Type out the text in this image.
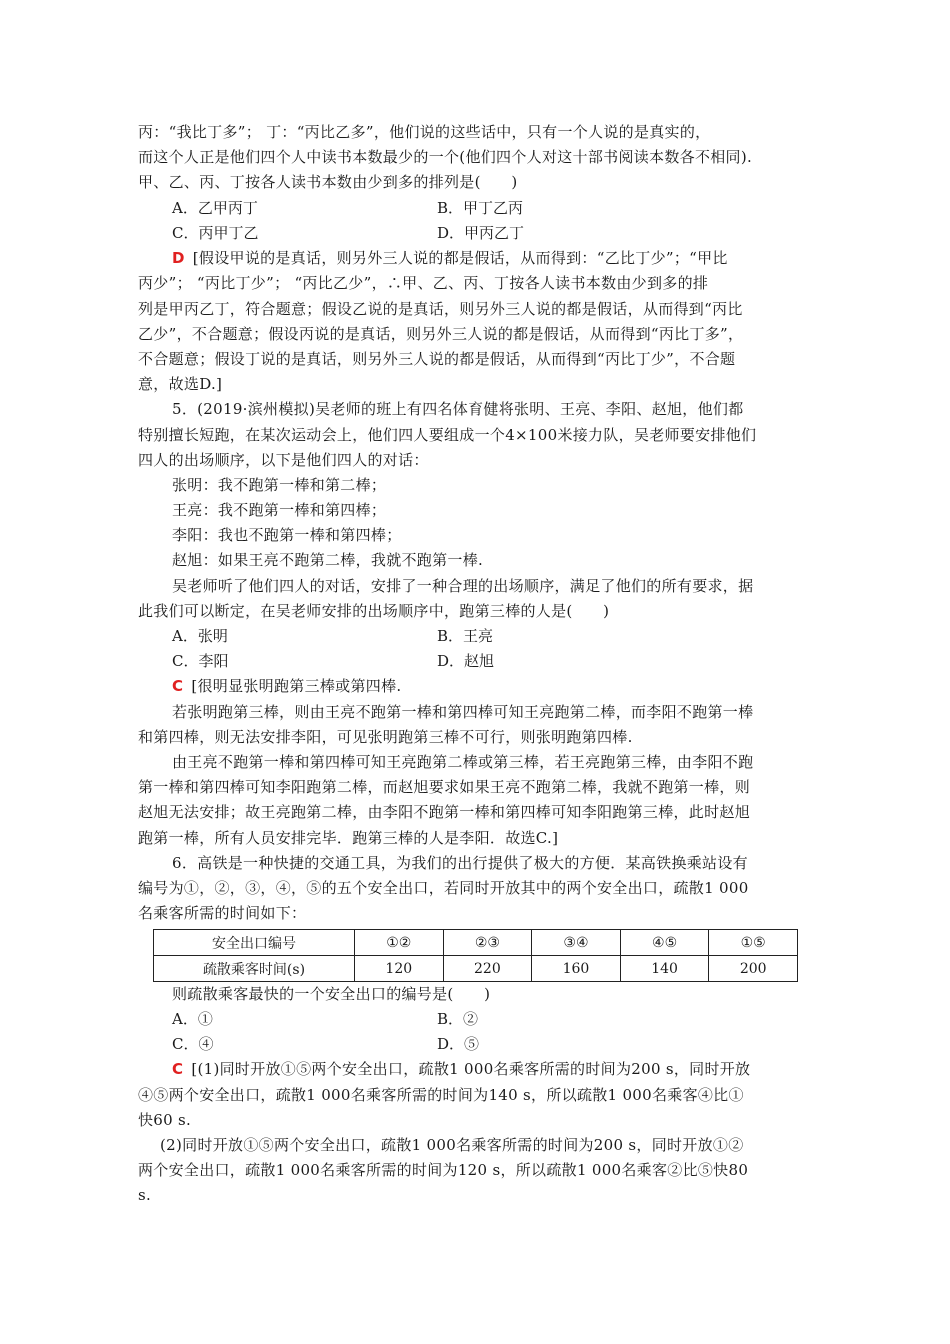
丙：“我比丁多”； 丁：“丙比乙多”，他们说的这些话中，只有一个人说的是真实的，
而这个人正是他们四个人中读书本数最少的一个(他们四个人对这十部书阅读本数各不相同).
甲、乙、丙、丁按各人读书本数由少到多的排列是(　　)
A．乙甲丙丁	B．甲丁乙丙
C．丙甲丁乙	D．甲丙乙丁
D [假设甲说的是真话，则另外三人说的都是假话，从而得到：“乙比丁少”；“甲比
丙少”； “丙比丁少”； “丙比乙少”，∴甲、乙、丙、丁按各人读书本数由少到多的排
列是甲丙乙丁，符合题意；假设乙说的是真话，则另外三人说的都是假话，从而得到“丙比
乙少”，不合题意；假设丙说的是真话，则另外三人说的都是假话，从而得到“丙比丁多”，
不合题意；假设丁说的是真话，则另外三人说的都是假话，从而得到“丙比丁少”，不合题
意，故选D.]
5．(2019·滨州模拟)吴老师的班上有四名体育健将张明、王亮、李阳、赵旭，他们都
特别擅长短跑，在某次运动会上，他们四人要组成一个4×100米接力队，吴老师要安排他们
四人的出场顺序，以下是他们四人的对话：
张明：我不跑第一棒和第二棒；
王亮：我不跑第一棒和第四棒；
李阳：我也不跑第一棒和第四棒；
赵旭：如果王亮不跑第二棒，我就不跑第一棒.
吴老师听了他们四人的对话，安排了一种合理的出场顺序，满足了他们的所有要求，据
此我们可以断定，在吴老师安排的出场顺序中，跑第三棒的人是(　　)
A．张明	B．王亮
C．李阳	D．赵旭
C [很明显张明跑第三棒或第四棒.
若张明跑第三棒，则由王亮不跑第一棒和第四棒可知王亮跑第二棒，而李阳不跑第一棒
和第四棒，则无法安排李阳，可见张明跑第三棒不可行，则张明跑第四棒.
由王亮不跑第一棒和第四棒可知王亮跑第二棒或第三棒，若王亮跑第三棒，由李阳不跑
第一棒和第四棒可知李阳跑第二棒，而赵旭要求如果王亮不跑第二棒，我就不跑第一棒，则
赵旭无法安排；故王亮跑第二棒，由李阳不跑第一棒和第四棒可知李阳跑第三棒，此时赵旭
跑第一棒，所有人员安排完毕．跑第三棒的人是李阳．故选C.]
6．高铁是一种快捷的交通工具，为我们的出行提供了极大的方便．某高铁换乘站设有
编号为①，②，③，④，⑤的五个安全出口，若同时开放其中的两个安全出口，疏散1 000
名乘客所需的时间如下：
安全出口编号	①②	②③	③④	④⑤	①⑤
疏散乘客时间(s)	120	220	160	140	200
则疏散乘客最快的一个安全出口的编号是(　　)
A．①	B．②
C．④	D．⑤
C [(1)同时开放①⑤两个安全出口，疏散1 000名乘客所需的时间为200 s，同时开放
④⑤两个安全出口，疏散1 000名乘客所需的时间为140 s，所以疏散1 000名乘客④比①
快60 s.
(2)同时开放①⑤两个安全出口，疏散1 000名乘客所需的时间为200 s，同时开放①②
两个安全出口，疏散1 000名乘客所需的时间为120 s，所以疏散1 000名乘客②比⑤快80
s.
